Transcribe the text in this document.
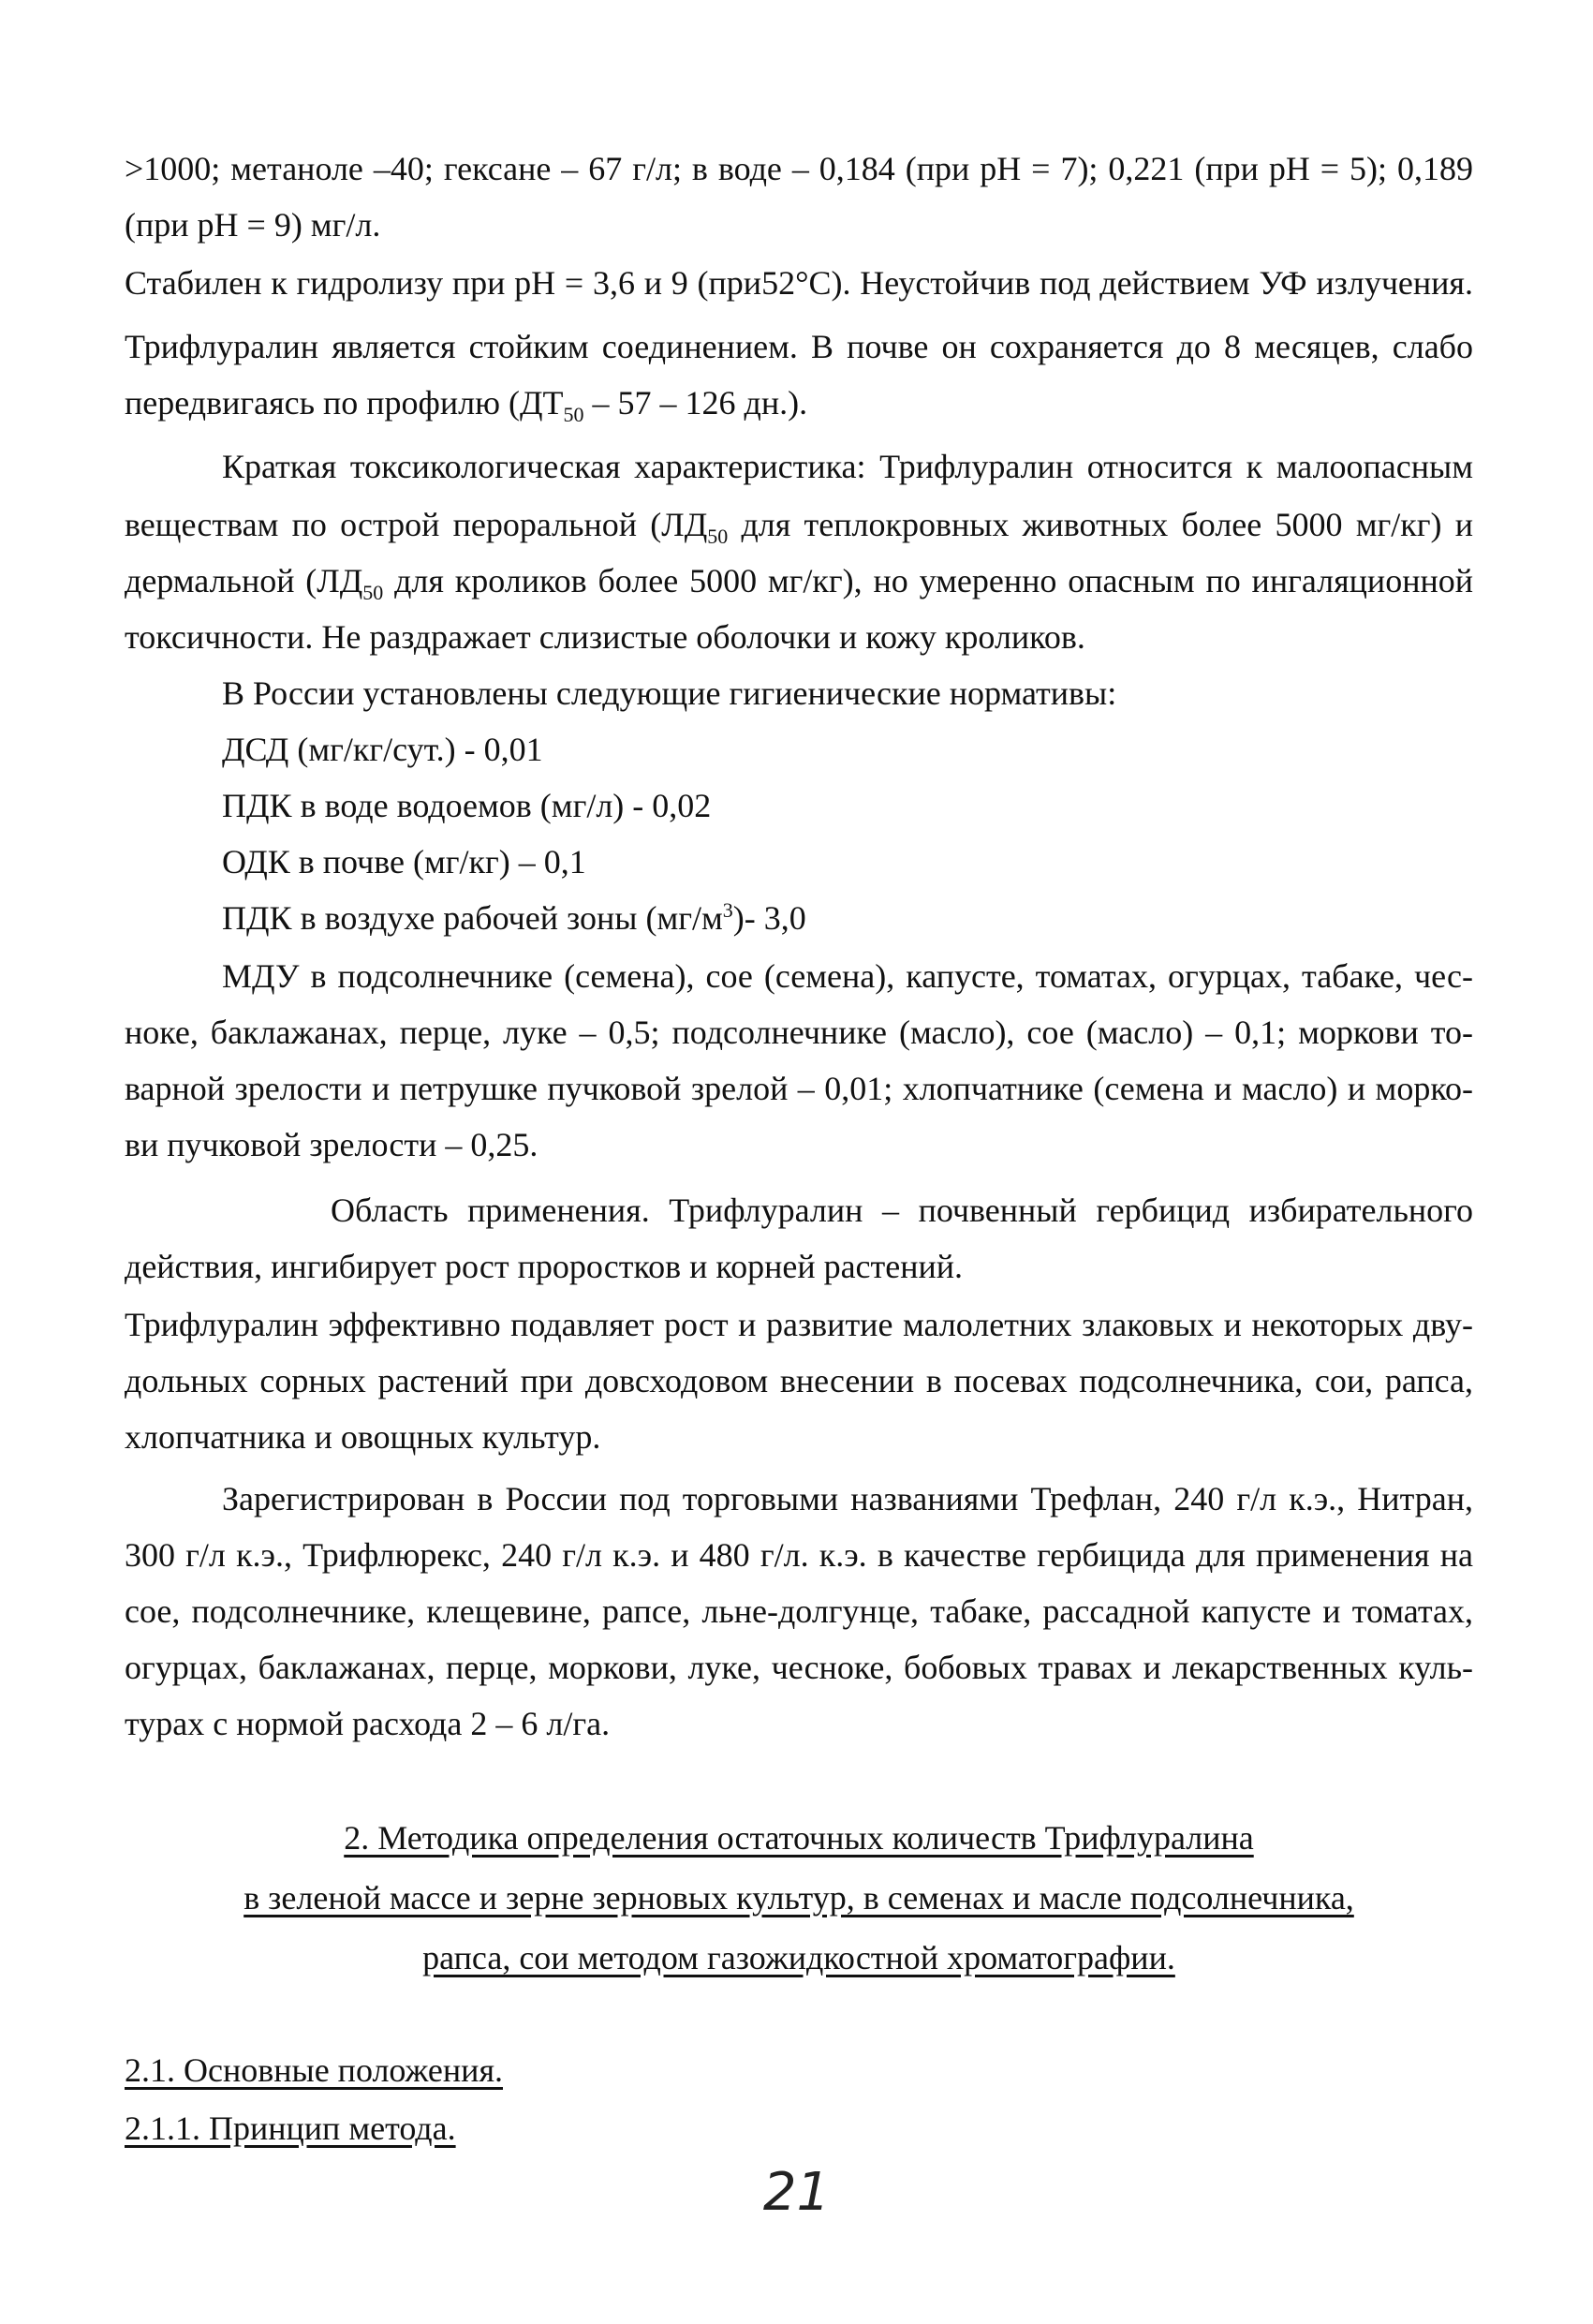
>1000; метаноле –40; гексане – 67 г/л; в воде – 0,184 (при pH = 7); 0,221 (при pH = 5); 0,189
(при pH = 9) мг/л.
Стабилен к гидролизу при pH = 3,6 и 9 (при52°С). Неустойчив под действием УФ излучения.
Трифлуралин является стойким соединением. В почве он сохраняется до 8 месяцев, слабо
передвигаясь по профилю ($ДТ_{50} - 57 - 126$ дн.).
Краткая токсикологическая характеристика: Трифлуралин относится к малоопасным
веществам по острой пероральной ($ЛД_{50}$ для теплокровных животных более 5000 мг/кг) и
дермальной ($ЛД_{50}$ для кроликов более 5000 мг/кг), но умеренно опасным по ингаляционной
токсичности. Не раздражает слизистые оболочки и кожу кроликов.
В России установлены следующие гигиенические нормативы:
ДСД (мг/кг/сут.) - 0,01
ПДК в воде водоемов (мг/л) - 0,02
ОДК в почве (мг/кг) – 0,1
ПДК в воздухе рабочей зоны $(мг/м^3)-$ 3,0
МДУ в подсолнечнике (семена), сое (семена), капусте, томатах, огурцах, табаке, чес-
ноке, баклажанах, перце, луке – 0,5; подсолнечнике (масло), сое (масло) – 0,1; моркови то-
варной зрелости и петрушке пучковой зрелой – 0,01; хлопчатнике (семена и масло) и морко-
ви пучковой зрелости – 0,25.
Область применения. Трифлуралин – почвенный гербицид избирательного
действия, ингибирует рост проростков и корней растений.
Трифлуралин эффективно подавляет рост и развитие малолетних злаковых и некоторых дву-
дольных сорных растений при довсходовом внесении в посевах подсолнечника, сои, рапса,
хлопчатника и овощных культур.
Зарегистрирован в России под торговыми названиями Трефлан, 240 г/л к.э., Нитран,
300 г/л к.э., Трифлюрекс, 240 г/л к.э. и 480 г/л. к.э. в качестве гербицида для применения на
сое, подсолнечнике, клещевине, рапсе, льне-долгунце, табаке, рассадной капусте и томатах,
огурцах, баклажанах, перце, моркови, луке, чесноке, бобовых травах и лекарственных куль-
турах с нормой расхода 2 – 6 л/га.
2. Методика определения остаточных количеств Трифлуралина
в зеленой массе и зерне зерновых культур, в семенах и масле подсолнечника,
рапса, сои методом газожидкостной хроматографии.
2.1. Основные положения.
2.1.1. Принцип метода.
21
